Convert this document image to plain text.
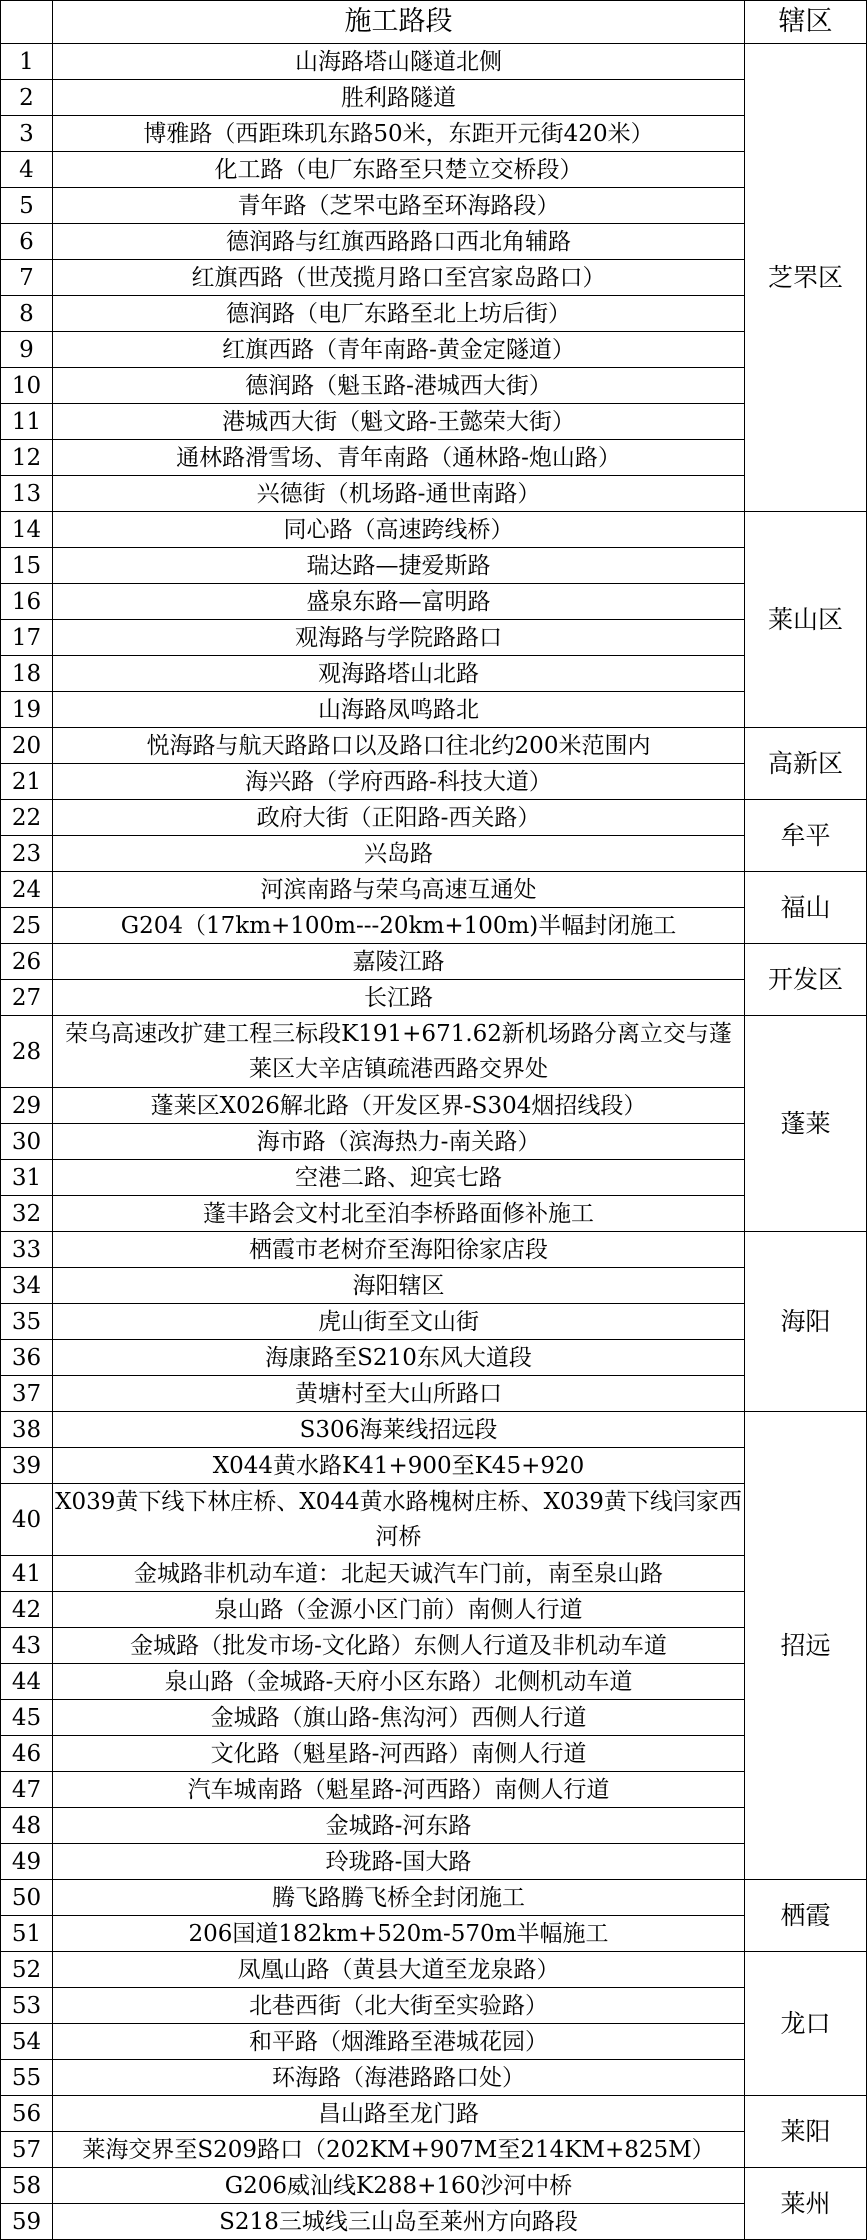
	施工路段	辖区
1	山海路塔山隧道北侧	芝罘区
2	胜利路隧道	
3	博雅路（西距珠玑东路50米，东距开元街420米）	
4	化工路（电厂东路至只楚立交桥段）	
5	青年路（芝罘屯路至环海路段）	
6	德润路与红旗西路路口西北角辅路	
7	红旗西路（世茂揽月路口至宫家岛路口）	
8	德润路（电厂东路至北上坊后街）	
9	红旗西路（青年南路-黄金定隧道）	
10	德润路（魁玉路-港城西大街）	
11	港城西大街（魁文路-王懿荣大街）	
12	通林路滑雪场、青年南路（通林路-炮山路）	
13	兴德街（机场路-通世南路）	
14	同心路（高速跨线桥）	莱山区
15	瑞达路—捷爱斯路	
16	盛泉东路—富明路	
17	观海路与学院路路口	
18	观海路塔山北路	
19	山海路凤鸣路北	
20	悦海路与航天路路口以及路口往北约200米范围内	高新区
21	海兴路（学府西路-科技大道）	
22	政府大街（正阳路-西关路）	牟平
23	兴岛路	
24	河滨南路与荣乌高速互通处	福山
25	G204（17km+100m---20km+100m)半幅封闭施工	
26	嘉陵江路	开发区
27	长江路	
28	荣乌高速改扩建工程三标段K191+671.62新机场路分离立交与蓬莱区大辛店镇疏港西路交界处	蓬莱
29	蓬莱区X026解北路（开发区界-S304烟招线段）	
30	海市路（滨海热力-南关路）	
31	空港二路、迎宾七路	
32	蓬丰路会文村北至泊李桥路面修补施工	
33	栖霞市老树夼至海阳徐家店段	海阳
34	海阳辖区	
35	虎山街至文山街	
36	海康路至S210东风大道段	
37	黄塘村至大山所路口	
38	S306海莱线招远段	招远
39	X044黄水路K41+900至K45+920	
40	X039黄下线下林庄桥、X044黄水路槐树庄桥、X039黄下线闫家西河桥	
41	金城路非机动车道：北起天诚汽车门前，南至泉山路	
42	泉山路（金源小区门前）南侧人行道	
43	金城路（批发市场-文化路）东侧人行道及非机动车道	
44	泉山路（金城路-天府小区东路）北侧机动车道	
45	金城路（旗山路-焦沟河）西侧人行道	
46	文化路（魁星路-河西路）南侧人行道	
47	汽车城南路（魁星路-河西路）南侧人行道	
48	金城路-河东路	
49	玲珑路-国大路	
50	腾飞路腾飞桥全封闭施工	栖霞
51	206国道182km+520m-570m半幅施工	
52	凤凰山路（黄县大道至龙泉路）	龙口
53	北巷西街（北大街至实验路）	
54	和平路（烟潍路至港城花园）	
55	环海路（海港路路口处）	
56	昌山路至龙门路	莱阳
57	莱海交界至S209路口（202KM+907M至214KM+825M）	
58	G206威汕线K288+160沙河中桥	莱州
59	S218三城线三山岛至莱州方向路段	
